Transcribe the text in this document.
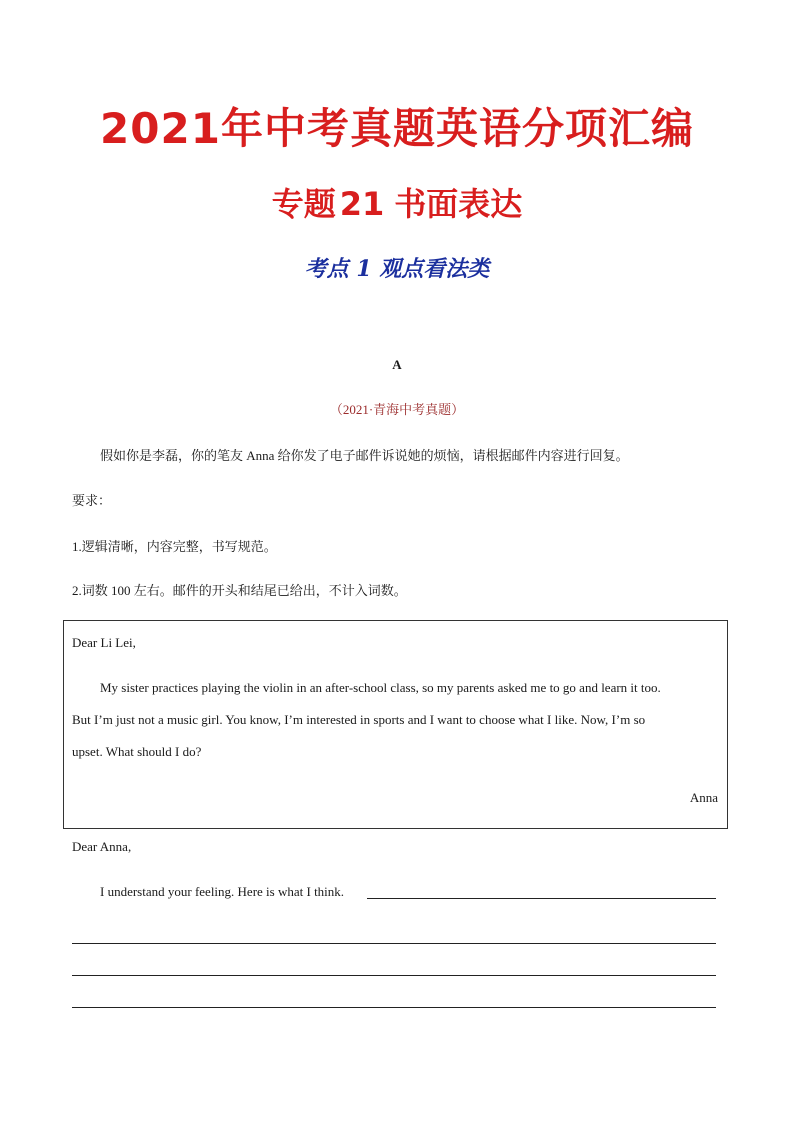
2021年中考真题英语分项汇编
专题 21 书面表达
考点 1 观点看法类
A
（2021·青海中考真题）
假如你是李磊，你的笔友 Anna 给你发了电子邮件诉说她的烦恼，请根据邮件内容进行回复。
要求：
1.逻辑清晰，内容完整，书写规范。
2.词数 100 左右。邮件的开头和结尾已给出，不计入词数。
Dear Li Lei,
My sister practices playing the violin in an after-school class, so my parents asked me to go and learn it too.
But I’m just not a music girl. You know, I’m interested in sports and I want to choose what I like. Now, I’m so
upset. What should I do?
Anna
Dear Anna,
I understand your feeling. Here is what I think.
